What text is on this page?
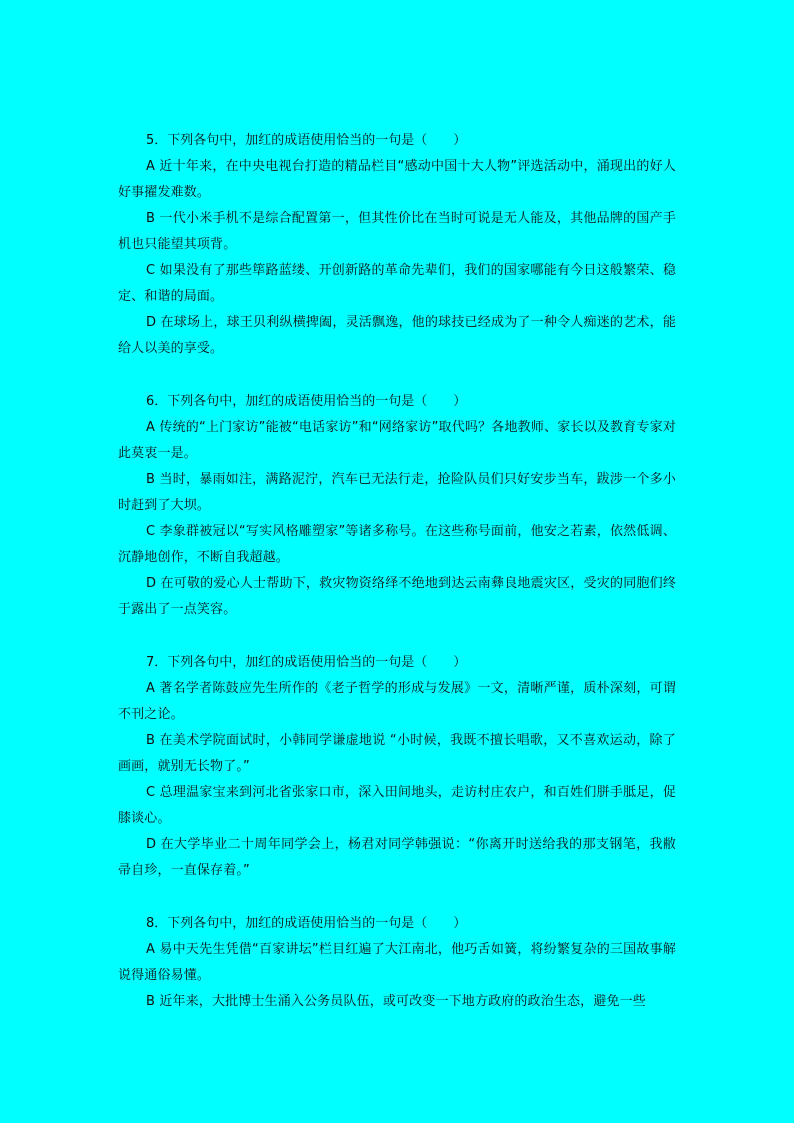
5．下列各句中，加红的成语使用恰当的一句是（　　）
A 近十年来，在中央电视台打造的精品栏目“感动中国十大人物”评选活动中，涌现出的好人好事擢发难数。
B 一代小米手机不是综合配置第一，但其性价比在当时可说是无人能及，其他品牌的国产手机也只能望其项背。
C 如果没有了那些筚路蓝缕、开创新路的革命先辈们，我们的国家哪能有今日这般繁荣、稳定、和谐的局面。
D 在球场上，球王贝利纵横捭阖，灵活飘逸，他的球技已经成为了一种令人痴迷的艺术，能给人以美的享受。
6．下列各句中，加红的成语使用恰当的一句是（　　）
A 传统的“上门家访”能被“电话家访”和“网络家访”取代吗？各地教师、家长以及教育专家对此莫衷一是。
B 当时，暴雨如注，满路泥泞，汽车已无法行走，抢险队员们只好安步当车，跋涉一个多小时赶到了大坝。
C 李象群被冠以“写实风格雕塑家”等诸多称号。在这些称号面前，他安之若素，依然低调、沉静地创作，不断自我超越。
D 在可敬的爱心人士帮助下，救灾物资络绎不绝地到达云南彝良地震灾区，受灾的同胞们终于露出了一点笑容。
7．下列各句中，加红的成语使用恰当的一句是（　　）
A 著名学者陈鼓应先生所作的《老子哲学的形成与发展》一文，清晰严谨，质朴深刻，可谓不刊之论。
B 在美术学院面试时，小韩同学谦虚地说 “小时候，我既不擅长唱歌，又不喜欢运动，除了画画，就别无长物了。”
C 总理温家宝来到河北省张家口市，深入田间地头，走访村庄农户，和百姓们胼手胝足，促膝谈心。
D 在大学毕业二十周年同学会上，杨君对同学韩强说：“你离开时送给我的那支钢笔，我敝帚自珍，一直保存着。”
8．下列各句中，加红的成语使用恰当的一句是（　　）
A 易中天先生凭借“百家讲坛”栏目红遍了大江南北，他巧舌如簧，将纷繁复杂的三国故事解说得通俗易懂。
B 近年来，大批博士生涌入公务员队伍，或可改变一下地方政府的政治生态，避免一些
